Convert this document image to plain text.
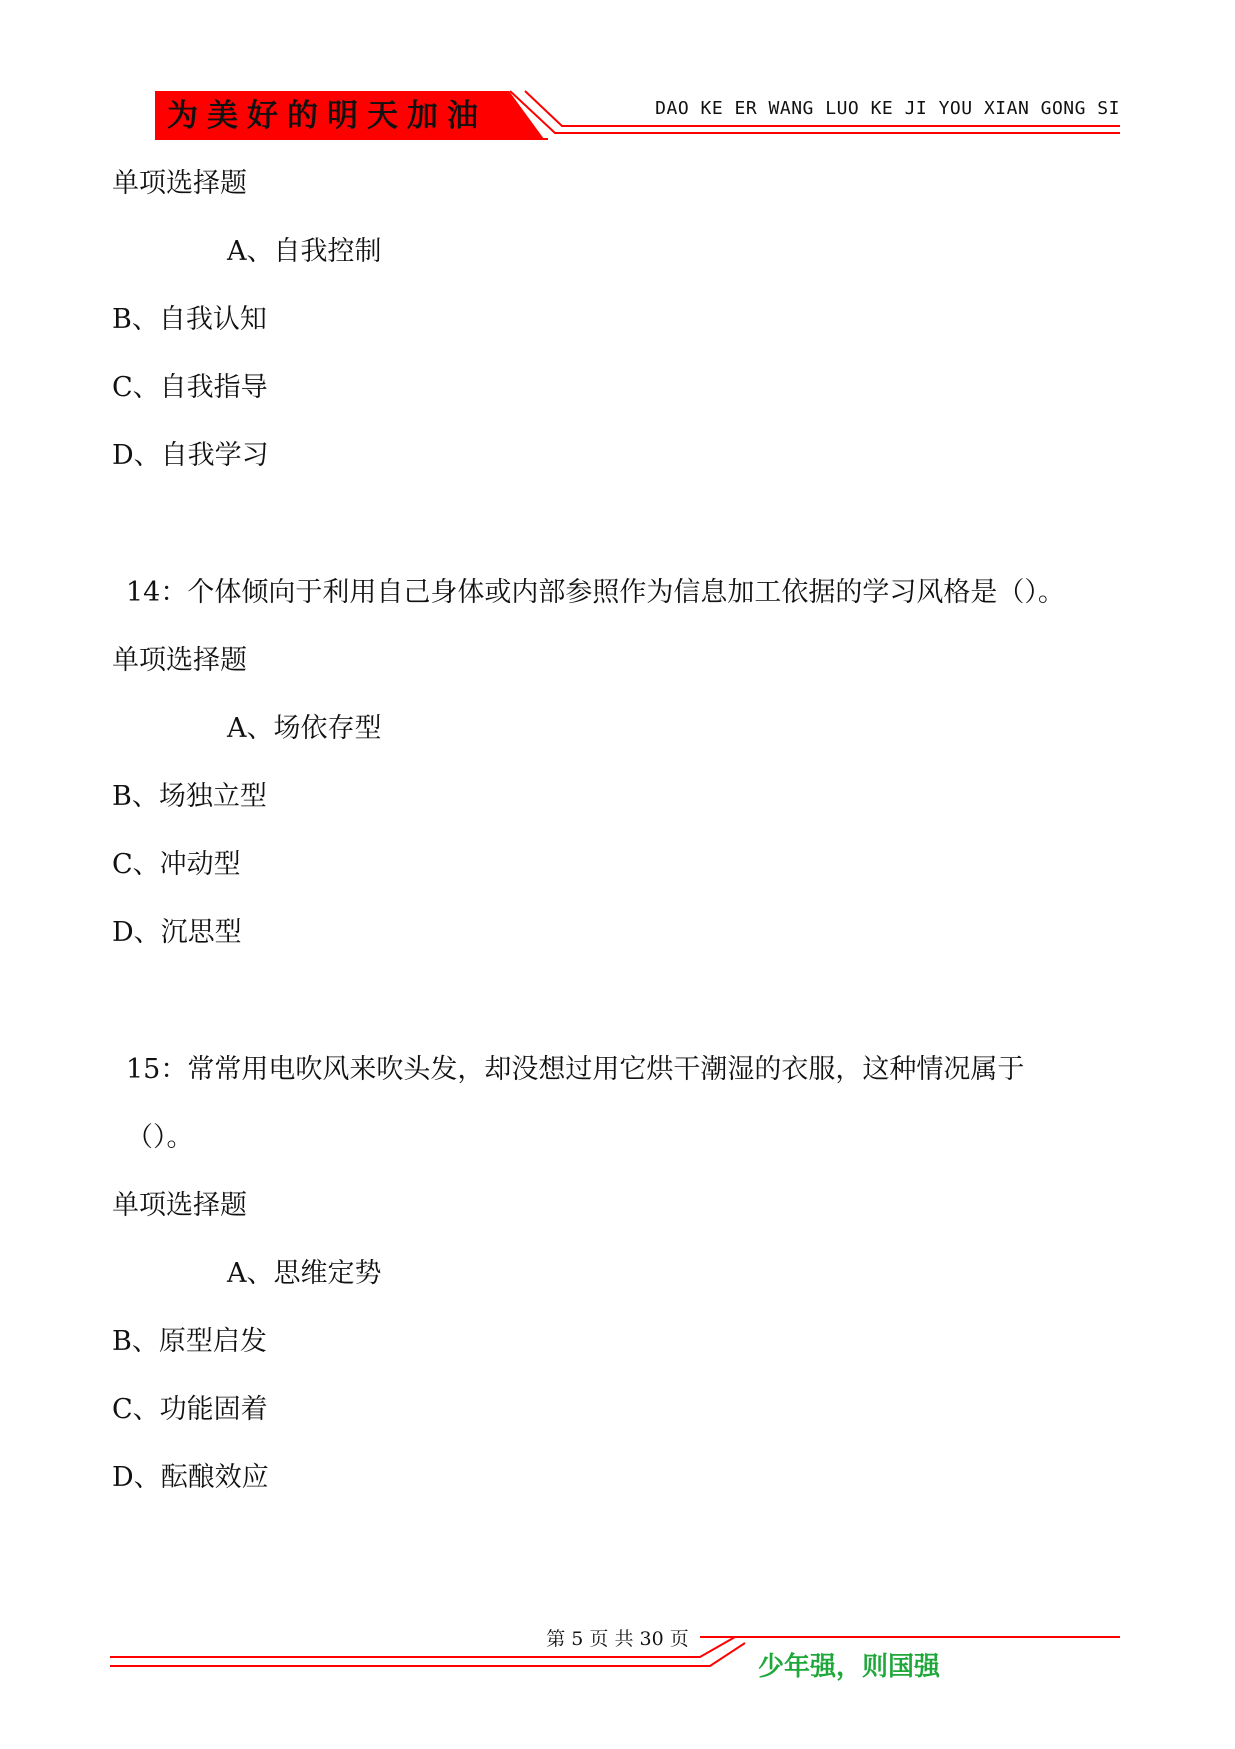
为美好的明天加油	DAO KE ER WANG LUO KE JI YOU XIAN GONG SI
单项选择题
A、自我控制
B、自我认知
C、自我指导
D、自我学习
14：个体倾向于利用自己身体或内部参照作为信息加工依据的学习风格是（）。
单项选择题
A、场依存型
B、场独立型
C、冲动型
D、沉思型
15：常常用电吹风来吹头发，却没想过用它烘干潮湿的衣服，这种情况属于
（）。
单项选择题
A、思维定势
B、原型启发
C、功能固着
D、酝酿效应
第 5 页 共 30 页
少年强，则国强
